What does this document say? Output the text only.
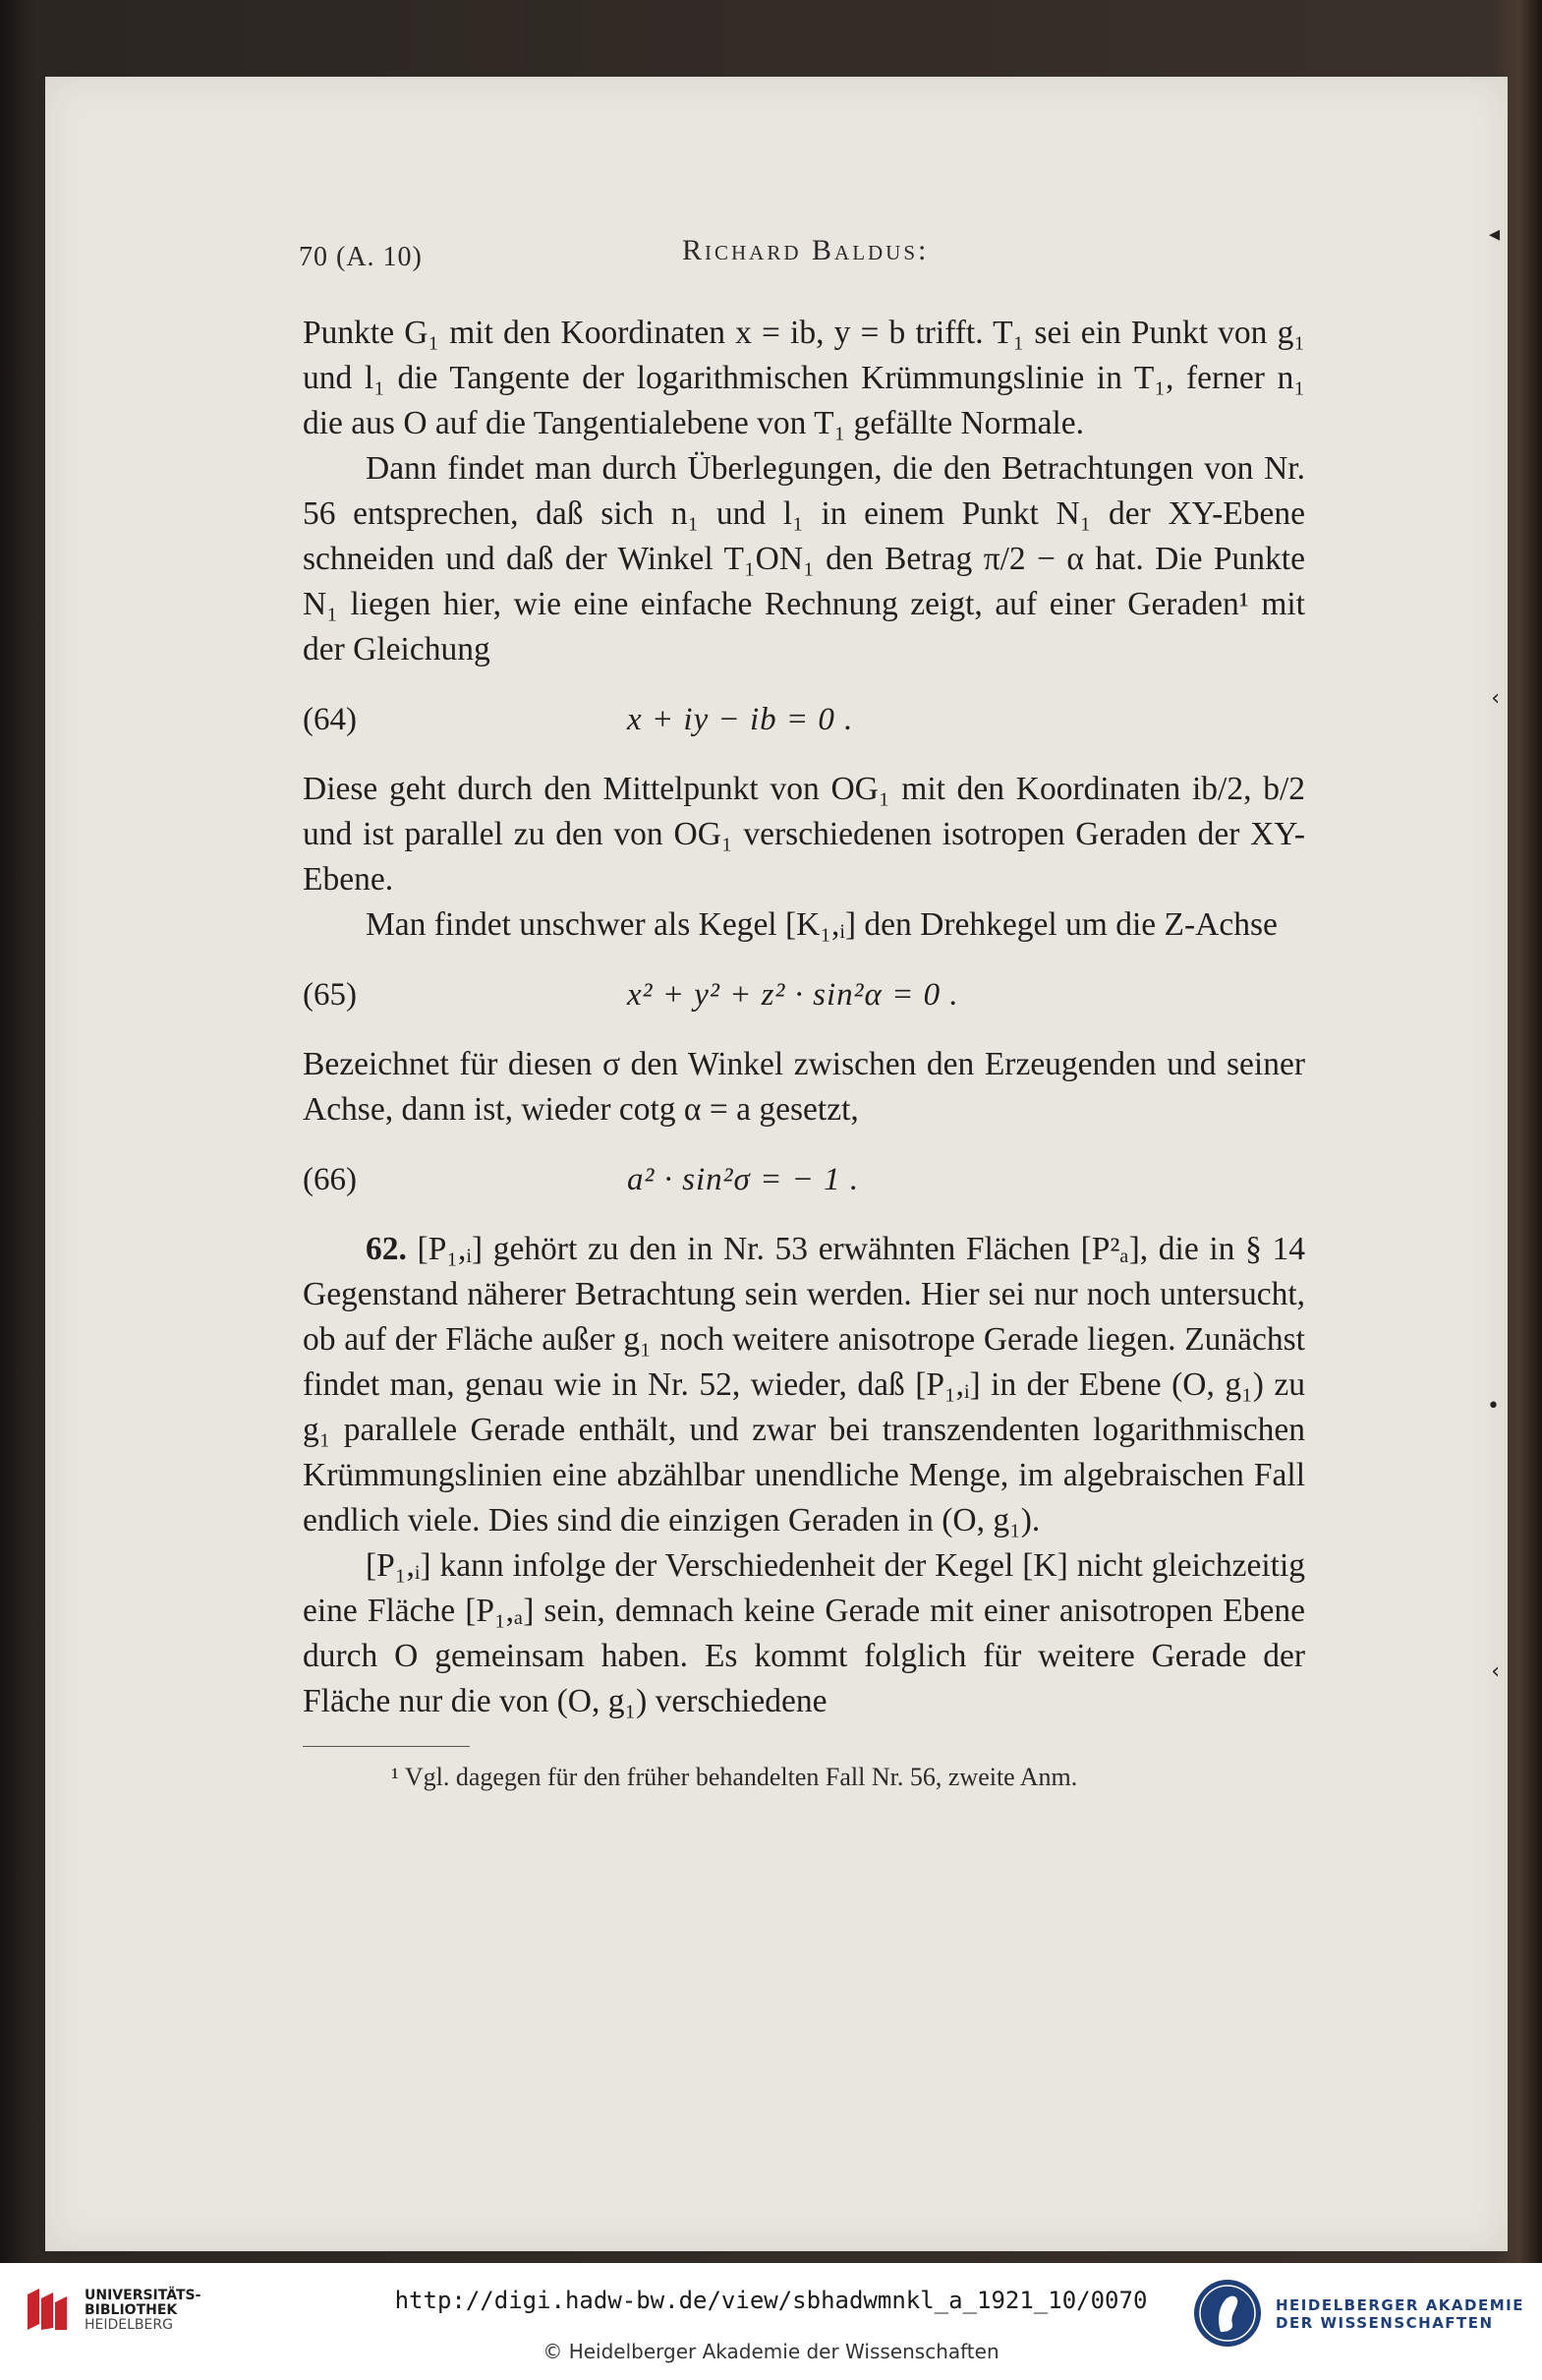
◂
‹
•
‹
70 (A. 10)	Richard Baldus:

Punkte G₁ mit den Koordinaten x = ib, y = b trifft. T₁ sei ein Punkt von g₁ und l₁ die Tangente der logarithmischen Krümmungslinie in T₁, ferner n₁ die aus O auf die Tangentialebene von T₁ gefällte Normale.

Dann findet man durch Überlegungen, die den Betrachtungen von Nr. 56 entsprechen, daß sich n₁ und l₁ in einem Punkt N₁ der XY-Ebene schneiden und daß der Winkel T₁ON₁ den Betrag π/2 − α hat. Die Punkte N₁ liegen hier, wie eine einfache Rechnung zeigt, auf einer Geraden¹ mit der Gleichung

(64)	x + iy − ib = 0 .

Diese geht durch den Mittelpunkt von OG₁ mit den Koordinaten ib/2, b/2 und ist parallel zu den von OG₁ verschiedenen isotropen Geraden der XY-Ebene.

Man findet unschwer als Kegel [K₁,ᵢ] den Drehkegel um die Z-Achse

(65)	x² + y² + z² · sin²α = 0 .

Bezeichnet für diesen σ den Winkel zwischen den Erzeugenden und seiner Achse, dann ist, wieder cotg α = a gesetzt,

(66)	a² · sin²σ = − 1 .

62. [P₁,ᵢ] gehört zu den in Nr. 53 erwähnten Flächen [P²ₐ], die in § 14 Gegenstand näherer Betrachtung sein werden. Hier sei nur noch untersucht, ob auf der Fläche außer g₁ noch weitere anisotrope Gerade liegen. Zunächst findet man, genau wie in Nr. 52, wieder, daß [P₁,ᵢ] in der Ebene (O, g₁) zu g₁ parallele Gerade enthält, und zwar bei transzendenten logarithmischen Krümmungslinien eine abzählbar unendliche Menge, im algebraischen Fall endlich viele. Dies sind die einzigen Geraden in (O, g₁).

[P₁,ᵢ] kann infolge der Verschiedenheit der Kegel [K] nicht gleichzeitig eine Fläche [P₁,ₐ] sein, demnach keine Gerade mit einer anisotropen Ebene durch O gemeinsam haben. Es kommt folglich für weitere Gerade der Fläche nur die von (O, g₁) verschiedene

¹ Vgl. dagegen für den früher behandelten Fall Nr. 56, zweite Anm.
UNIVERSITÄTS-
BIBLIOTHEK
HEIDELBERG
http://digi.hadw-bw.de/view/sbhadwmnkl_a_1921_10/0070
© Heidelberger Akademie der Wissenschaften
HEIDELBERGER AKADEMIE
DER WISSENSCHAFTEN
